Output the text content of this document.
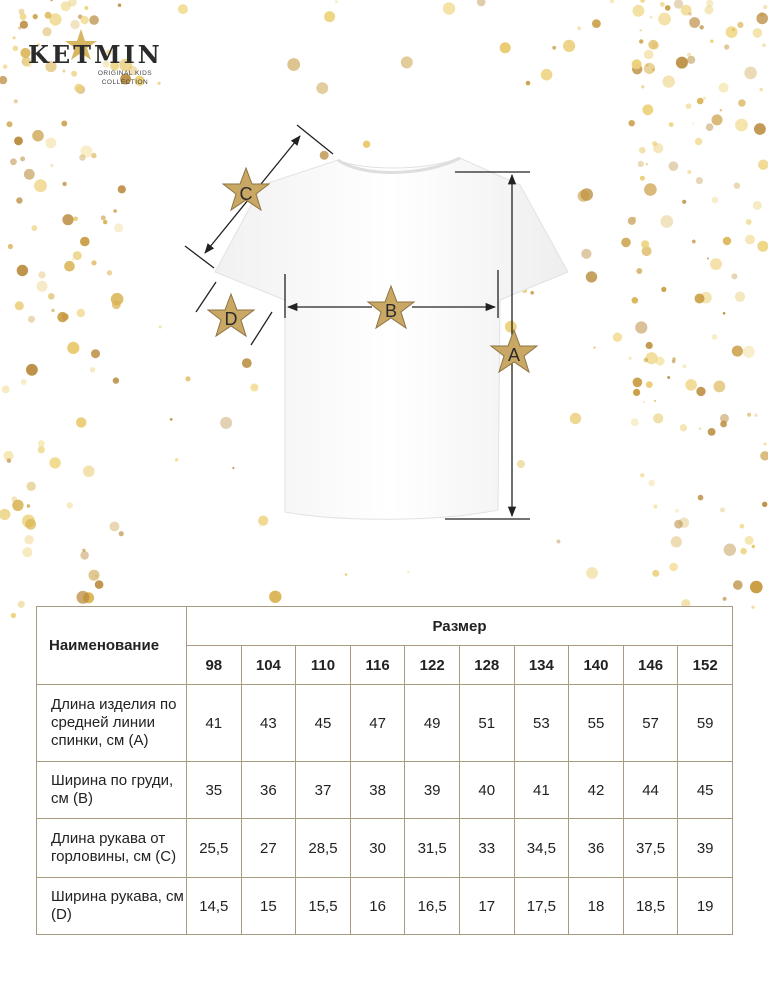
KETMIN
ORIGINAL KIDS COLLECTION
C
D	B
A
Наименование	Размер									
	98	104	110	116	122	128	134	140	146	152
Длина изделия по средней линии спинки, см (А)	41	43	45	47	49	51	53	55	57	59
Ширина по груди, см (В)	35	36	37	38	39	40	41	42	44	45
Длина рукава от горловины, см (С)	25,5	27	28,5	30	31,5	33	34,5	36	37,5	39
Ширина рукава, см (D)	14,5	15	15,5	16	16,5	17	17,5	18	18,5	19
